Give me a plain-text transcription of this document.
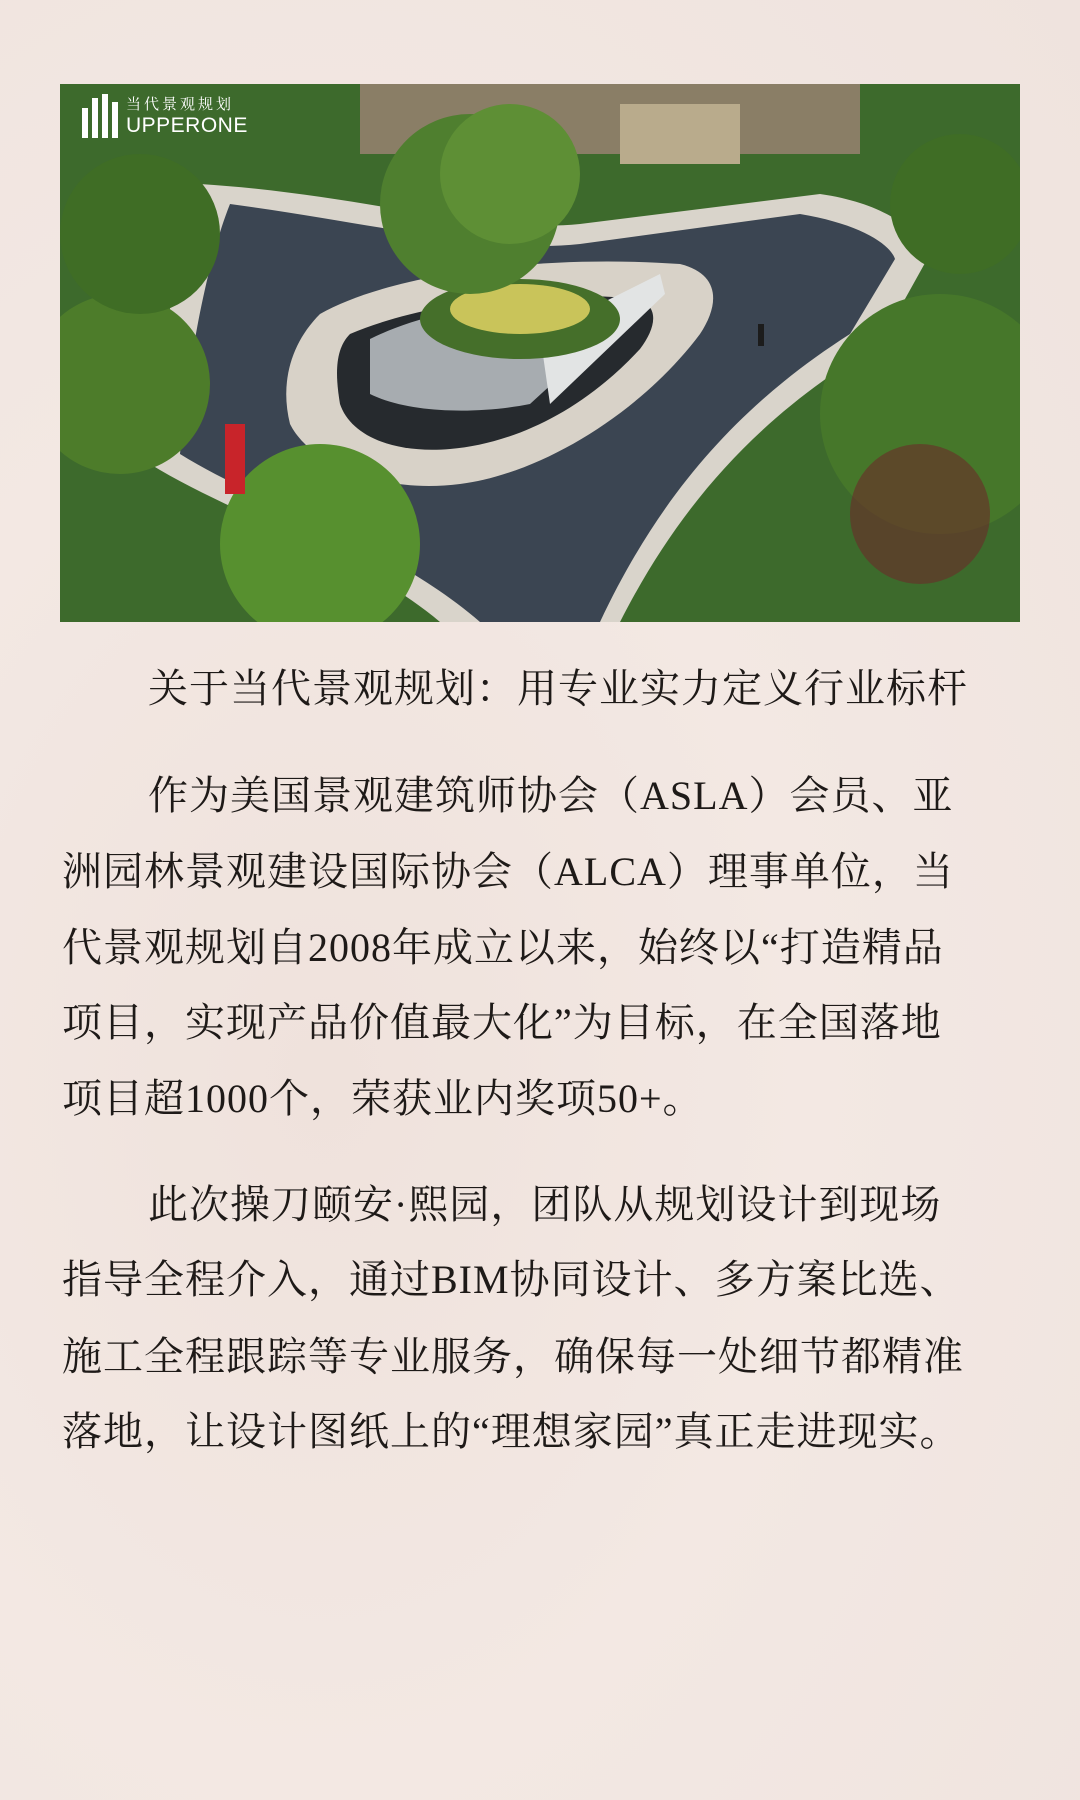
当代景观规划
UPPERONE
关于当代景观规划：用专业实力定义行业标杆
作为美国景观建筑师协会（ASLA）会员、亚
洲园林景观建设国际协会（ALCA）理事单位，当
代景观规划自2008年成立以来，始终以“打造精品
项目，实现产品价值最大化”为目标，在全国落地
项目超1000个，荣获业内奖项50+。
此次操刀颐安·熙园，团队从规划设计到现场
指导全程介入，通过BIM协同设计、多方案比选、
施工全程跟踪等专业服务，确保每一处细节都精准
落地，让设计图纸上的“理想家园”真正走进现实。
